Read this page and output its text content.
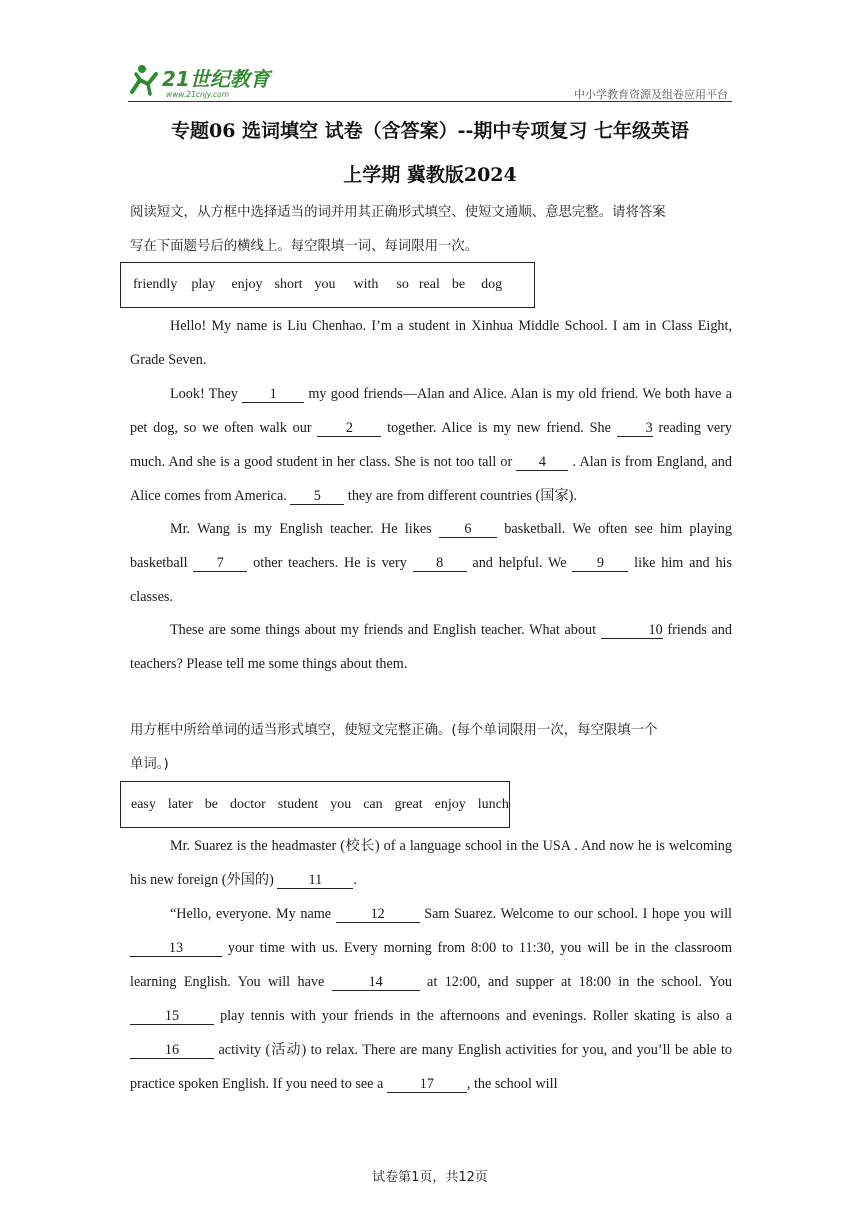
21世纪教育
www.21cnjy.com	中小学教育资源及组卷应用平台
专题06 选词填空 试卷（含答案）--期中专项复习 七年级英语
上学期 冀教版2024
阅读短文，从方框中选择适当的词并用其正确形式填空、使短文通顺、意思完整。请将答案
写在下面题号后的横线上。每空限填一词、每词限用一次。
friendly play enjoy short you with so real be dog
Hello! My name is Liu Chenhao. I’m a student in Xinhua Middle School. I am in Class Eight, Grade Seven.
Look! They 1 my good friends—Alan and Alice. Alan is my old friend. We both have a pet dog, so we often walk our 2 together. Alice is my new friend. She 3 reading very much. And she is a good student in her class. She is not too tall or 4 . Alan is from England, and Alice comes from America. 5 they are from different countries (国家).
Mr. Wang is my English teacher. He likes 6 basketball. We often see him playing basketball 7 other teachers. He is very 8 and helpful. We 9 like him and his classes.
These are some things about my friends and English teacher. What about	10 friends and teachers? Please tell me some things about them.
用方框中所给单词的适当形式填空，使短文完整正确。(每个单词限用一次，每空限填一个
单词。)
easy later be doctor student you can great enjoy lunch
Mr. Suarez is the headmaster (校长) of a language school in the USA . And now he is welcoming his new foreign (外国的) 11 .
“Hello, everyone. My name 12 Sam Suarez. Welcome to our school. I hope you will 13	your time with us. Every morning from 8:00 to 11:30, you will be in the classroom learning English. You will have	14	at 12:00, and supper at 18:00 in the school. You 15 play tennis with your friends in the afternoons and evenings. Roller skating is also a 16 activity (活动) to relax. There are many English activities for you, and you’ll be able to practice spoken English. If you need to see a 17 , the school will
试卷第1页，共12页
